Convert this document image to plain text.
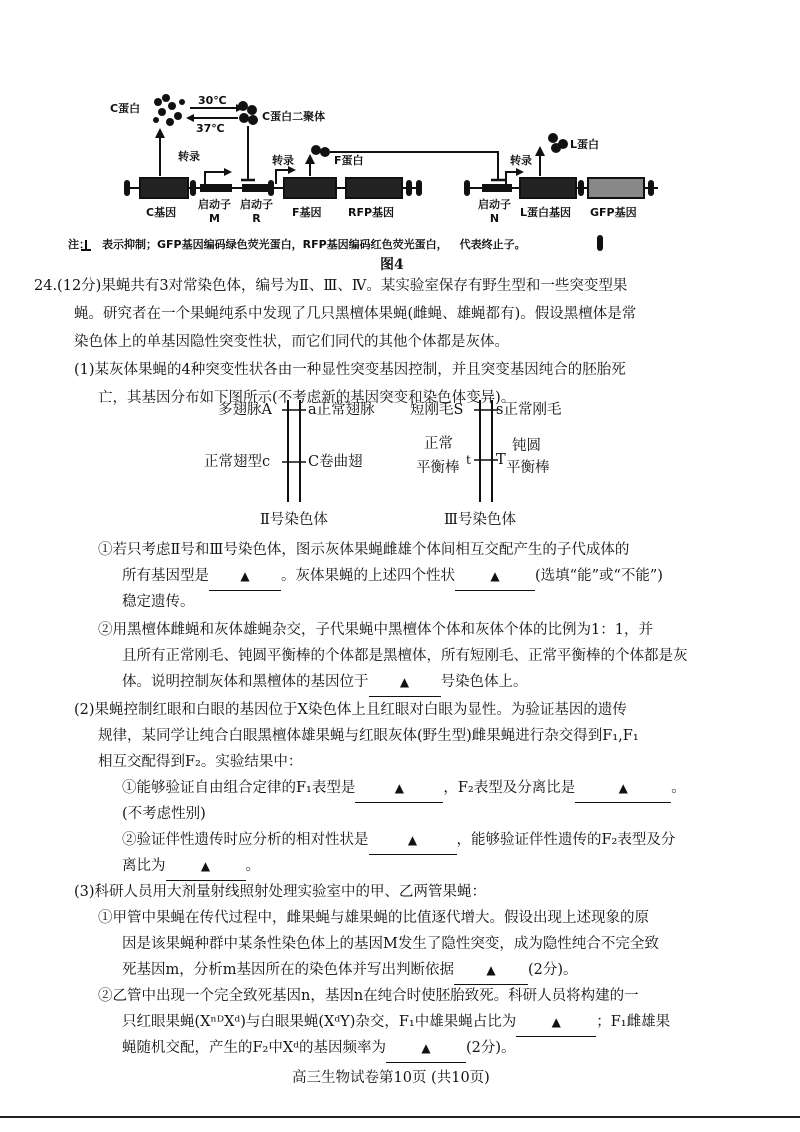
C蛋白
30℃
37℃
C蛋白二聚体
转录	转录	F蛋白	转录
L蛋白
C基因
启动子
M
启动子
R	F基因 RFP基因
启动子
N	L蛋白基因 GFP基因
注： 表示抑制；GFP基因编码绿色荧光蛋白，RFP基因编码红色荧光蛋白， 代表终止子。
图4
24.(12分)果蝇共有3对常染色体，编号为Ⅱ、Ⅲ、Ⅳ。某实验室保存有野生型和一些突变型果
蝇。研究者在一个果蝇纯系中发现了几只黑檀体果蝇(雌蝇、雄蝇都有)。假设黑檀体是常
染色体上的单基因隐性突变性状，而它们同代的其他个体都是灰体。
(1)某灰体果蝇的4种突变性状各由一种显性突变基因控制，并且突变基因纯合的胚胎死
亡，其基因分布如下图所示(不考虑新的基因突变和染色体变异)。
多翅脉A a正常翅脉
正常翅型c	C卷曲翅
短刚毛S s正常刚毛
正常
平衡棒 t T
钝圆
平衡棒
Ⅱ号染色体	Ⅲ号染色体
①若只考虑Ⅱ号和Ⅲ号染色体，图示灰体果蝇雌雄个体间相互交配产生的子代成体的
所有基因型是	▲ 。灰体果蝇的上述四个性状	▲ (选填“能”或“不能”)
稳定遗传。
②用黑檀体雌蝇和灰体雄蝇杂交，子代果蝇中黑檀体个体和灰体个体的比例为1：1，并
且所有正常刚毛、钝圆平衡棒的个体都是黑檀体，所有短刚毛、正常平衡棒的个体都是灰
体。说明控制灰体和黑檀体的基因位于	▲ 号染色体上。
(2)果蝇控制红眼和白眼的基因位于X染色体上且红眼对白眼为显性。为验证基因的遗传
规律，某同学让纯合白眼黑檀体雄果蝇与红眼灰体(野生型)雌果蝇进行杂交得到F₁,F₁
相互交配得到F₂。实验结果中：
①能够验证自由组合定律的F₁表型是	▲	，F₂表型及分离比是	▲	。
(不考虑性别)
②验证伴性遗传时应分析的相对性状是	▲	，能够验证伴性遗传的F₂表型及分
离比为	▲ 。
(3)科研人员用大剂量射线照射处理实验室中的甲、乙两管果蝇：
①甲管中果蝇在传代过程中，雌果蝇与雄果蝇的比值逐代增大。假设出现上述现象的原
因是该果蝇种群中某条性染色体上的基因M发生了隐性突变，成为隐性纯合不完全致
死基因m，分析m基因所在的染色体并写出判断依据	▲ (2分)。
②乙管中出现一个完全致死基因n，基因n在纯合时使胚胎致死。科研人员将构建的一
只红眼果蝇(XⁿᴰXᵈ)与白眼果蝇(XᵈY)杂交，F₁中雄果蝇占比为	▲ ；F₁雌雄果
蝇随机交配，产生的F₂中Xᵈ的基因频率为	▲ (2分)。
高三生物试卷第10页 (共10页)
